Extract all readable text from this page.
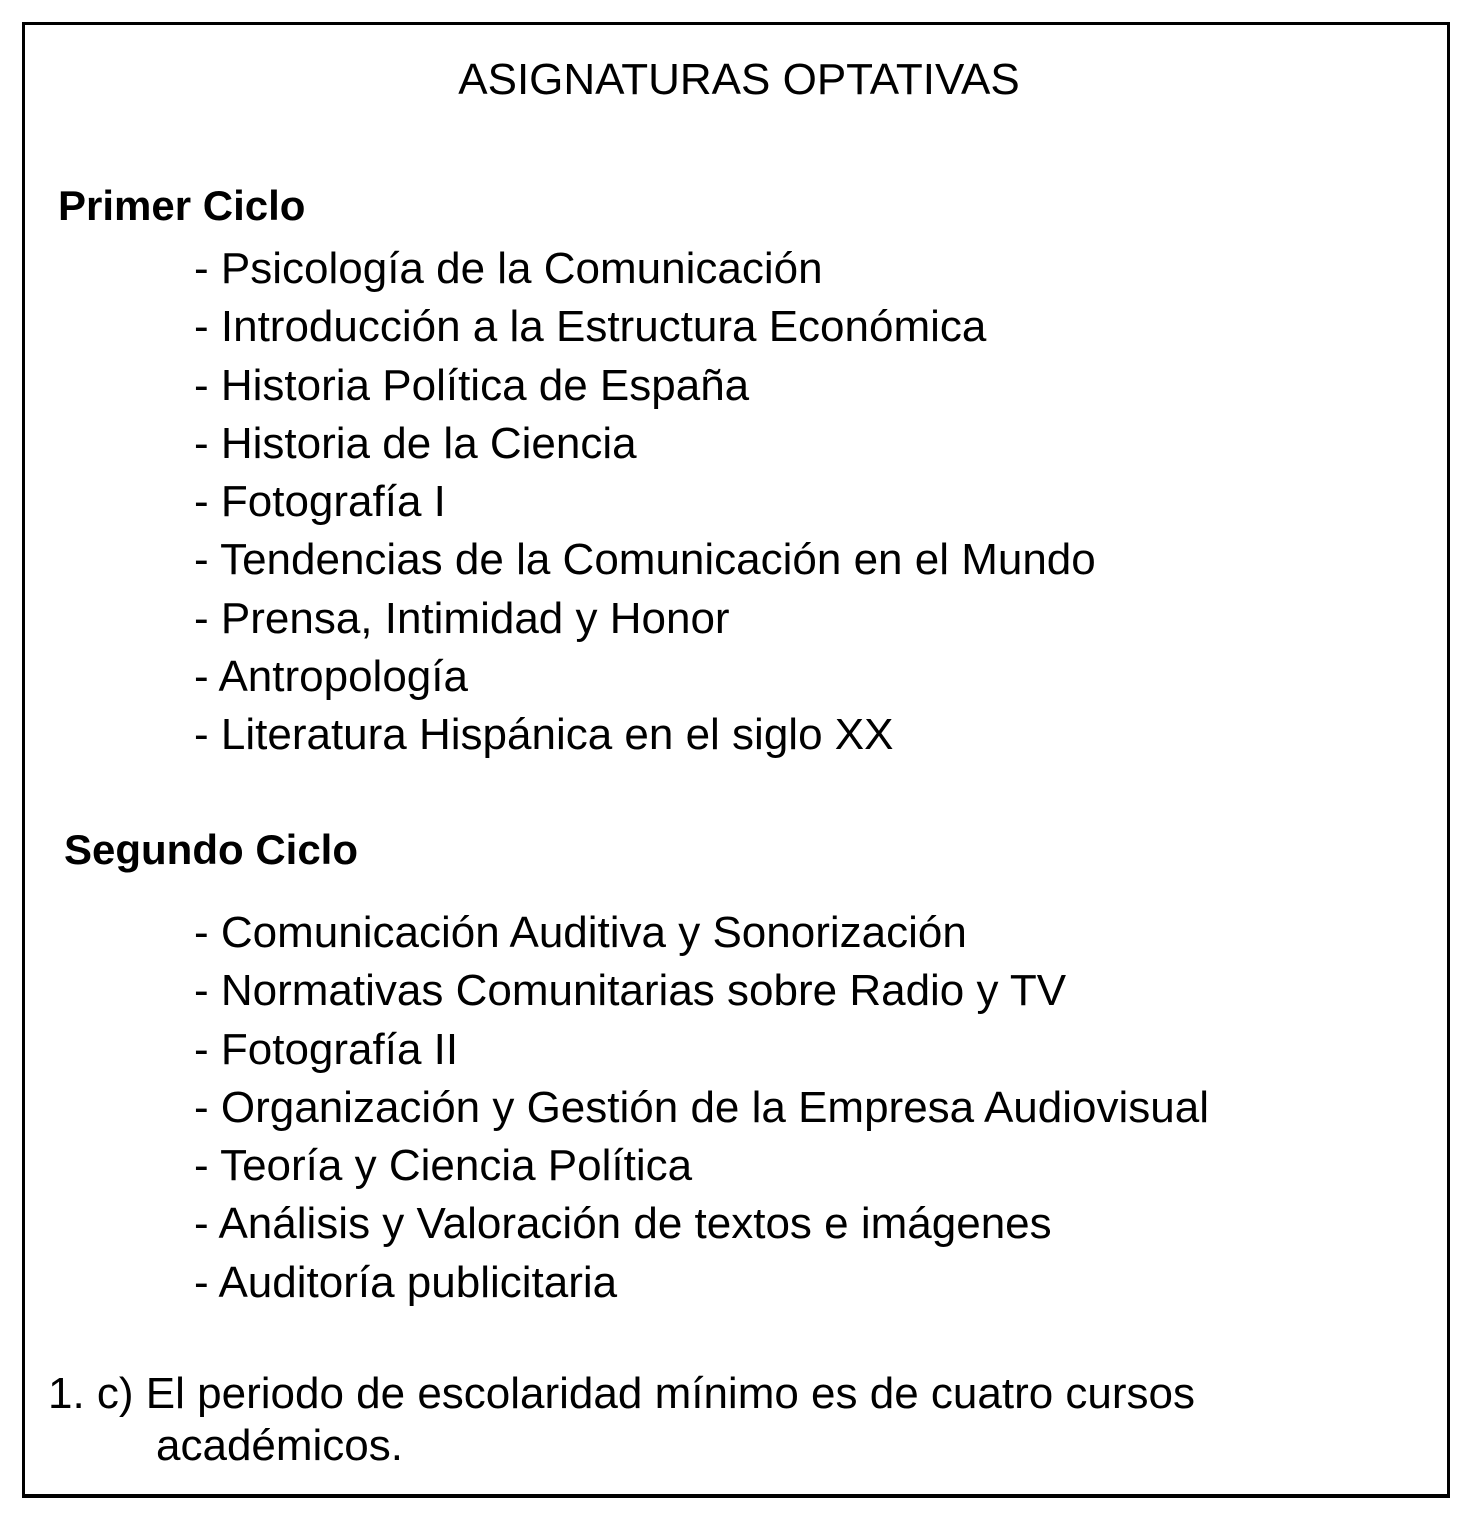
ASIGNATURAS OPTATIVAS
Primer Ciclo
- Psicología de la Comunicación
- Introducción a la Estructura Económica
- Historia Política de España
- Historia de la Ciencia
- Fotografía I
- Tendencias de la Comunicación en el Mundo
- Prensa, Intimidad y Honor
- Antropología
- Literatura Hispánica en el siglo XX
Segundo Ciclo
- Comunicación Auditiva y Sonorización
- Normativas Comunitarias sobre Radio y TV
- Fotografía II
- Organización y Gestión de la Empresa Audiovisual
- Teoría y Ciencia Política
- Análisis y Valoración de textos e imágenes
- Auditoría publicitaria
1. c) El periodo de escolaridad mínimo es de cuatro cursos
académicos.
